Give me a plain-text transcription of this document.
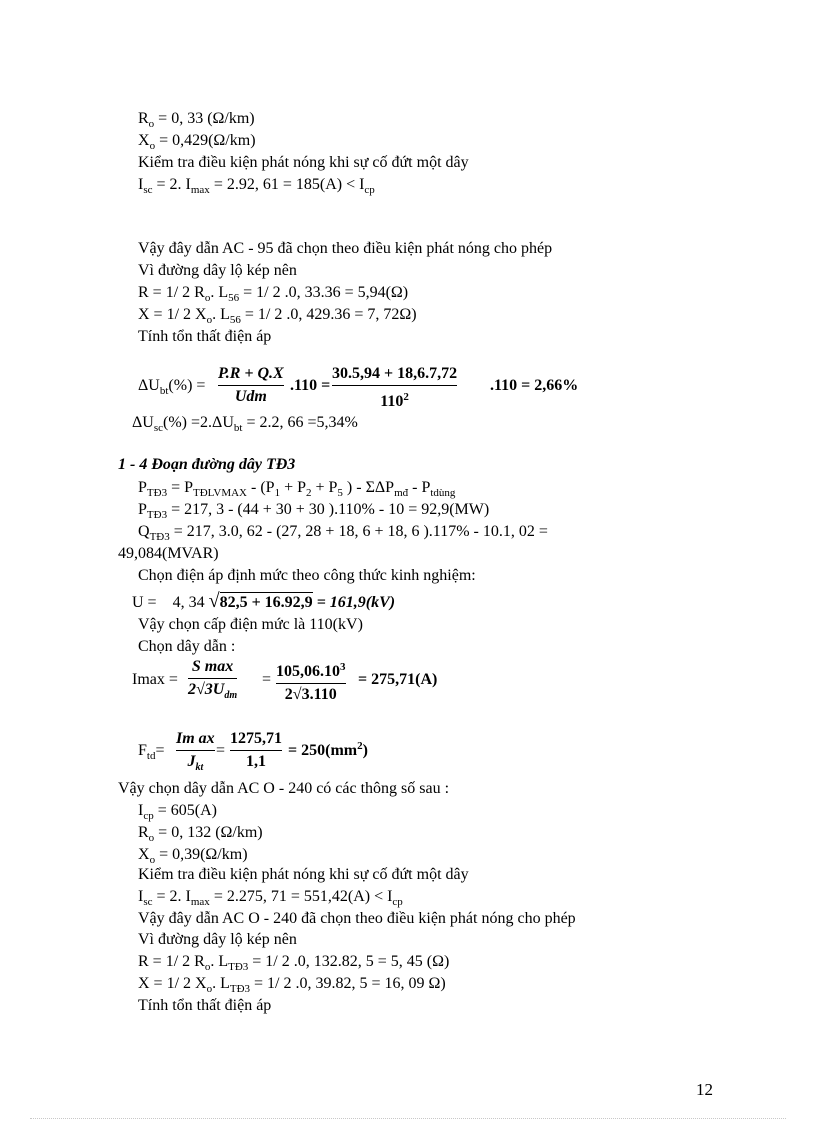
$R_o = 0$, 33 (Ω/km)
$X_o = 0,429(\Omega/km)$
Kiểm tra điều kiện phát nóng khi sự cố đứt một dây
$I_{sc} = 2$. $I_{max} = 2.92$, $61 = 185(A) < I_{cp}$
Vậy đây dẫn AC - 95 đã chọn theo điều kiện phát nóng cho phép
Vì đường dây lộ kép nên
R = 1/ 2 $R_o$. $L_{56} = 1/$ 2 .0, 33.36 = 5,94(Ω)
X = 1/ 2 $X_o$. $L_{56} = 1/$ 2 .0, 429.36 = 7, 72Ω)
Tính tổn thất điện áp
$\Delta U_{bt}(\%)$ =
P.R + Q.X
Udm
.110 =
30.5,94 + 18,6.7,72
$110^2$
.110 = 2,66%
$\Delta U_{sc}(\%) =2.\Delta U_{bt} = 2.2$, 66 =5,34%
1 - 4 Đoạn đường dây TĐ3
$P_{TĐ3} = P_{TĐLVMAX} - (P_1 + P_2 + P_5$ ) - $\Sigma\Delta P_{mđ} - P_{tdùng}$
$P_{TĐ3} = 217$, 3 - (44 + 30 + 30 ).110% - 10 = 92,9(MW)
$Q_{TĐ3} = 217$, 3.0, 62 - (27, 28 + 18, 6 + 18, 6 ).117% - 10.1, 02 =
49,084(MVAR)
Chọn điện áp định mức theo công thức kinh nghiệm:
U = 4, 34 √82,5 + 16.92,9 = 161,9(kV)
Vậy chọn cấp điện mức là 110(kV)
Chọn dây dẫn :
Imax =
S max
$2√3U_{dm}$
= $105,06.10^3$
2√3.110
= 275,71(A)
$F_{td}=$
Im ax
$J_{kt}$
=
1275,71
1,1
= $250(mm^2)$
Vậy chọn dây dẫn AC O - 240 có các thông số sau :
$I_{cp} = 605(A)$
$R_o = 0$, 132 (Ω/km)
$X_o = 0,39(\Omega/km)$
Kiểm tra điều kiện phát nóng khi sự cố đứt một dây
$I_{sc} = 2$. $I_{max} = 2.275$, $71 = 551,42(A) < I_{cp}$
Vậy đây dẫn AC O - 240 đã chọn theo điều kiện phát nóng cho phép
Vì đường dây lộ kép nên
R = 1/ 2 $R_o$. $L_{TĐ3} = 1/$ 2 .0, 132.82, 5 = 5, 45 (Ω)
X = 1/ 2 $X_o$. $L_{TĐ3} = 1/$ 2 .0, 39.82, 5 = 16, 09 Ω)
Tính tổn thất điện áp
12
